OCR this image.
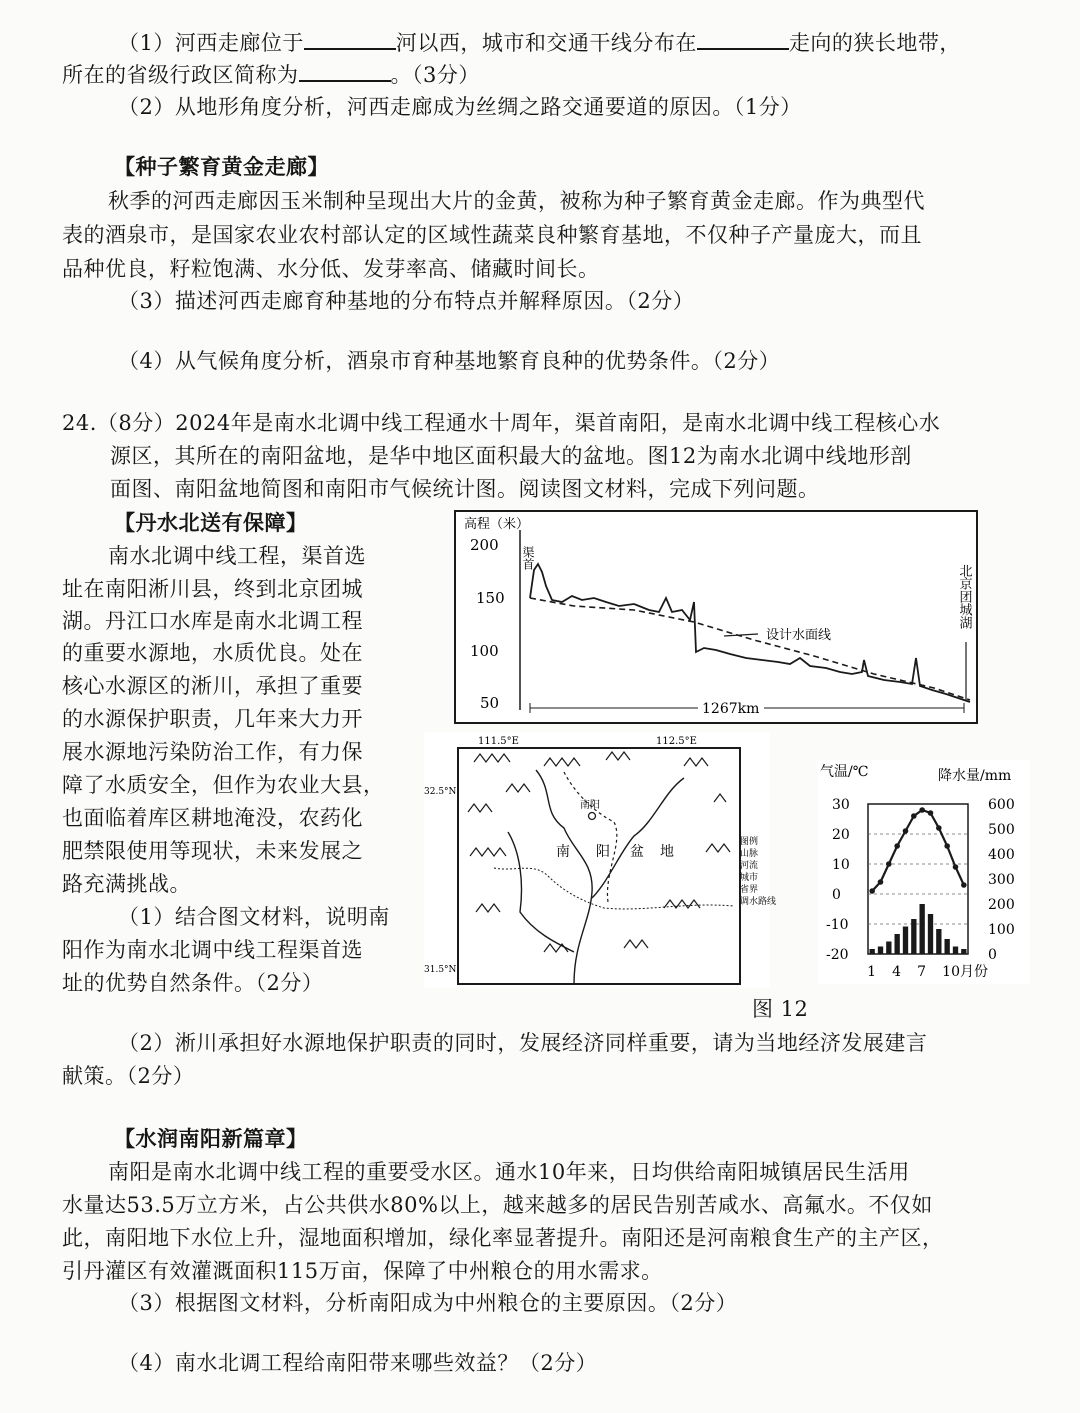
（1）河西走廊位于	河以西，城市和交通干线分布在	走向的狭长地带，
所在的省级行政区简称为	。（3分）
（2）从地形角度分析，河西走廊成为丝绸之路交通要道的原因。（1分）
【种子繁育黄金走廊】
秋季的河西走廊因玉米制种呈现出大片的金黄，被称为种子繁育黄金走廊。作为典型代
表的酒泉市，是国家农业农村部认定的区域性蔬菜良种繁育基地，不仅种子产量庞大，而且
品种优良，籽粒饱满、水分低、发芽率高、储藏时间长。
（3）描述河西走廊育种基地的分布特点并解释原因。（2分）
（4）从气候角度分析，酒泉市育种基地繁育良种的优势条件。（2分）
24.（8分）2024年是南水北调中线工程通水十周年，渠首南阳，是南水北调中线工程核心水
源区，其所在的南阳盆地，是华中地区面积最大的盆地。图12为南水北调中线地形剖
面图、南阳盆地简图和南阳市气候统计图。阅读图文材料，完成下列问题。
【丹水北送有保障】
南水北调中线工程，渠首选
址在南阳淅川县，终到北京团城
湖。丹江口水库是南水北调工程
的重要水源地，水质优良。处在
核心水源区的淅川，承担了重要
的水源保护职责，几年来大力开
展水源地污染防治工作，有力保
障了水质安全，但作为农业大县，
也面临着库区耕地淹没，农药化
肥禁限使用等现状，未来发展之
路充满挑战。
（1）结合图文材料，说明南
阳作为南水北调中线工程渠首选
址的优势自然条件。（2分）
高程（米）
200
150
100
50
渠首
北京团城湖
设计水面线
1267km
111.5°E	112.5°E
32.5°N
31.5°N
南阳
南 阳 盆 地
图例
山脉
河流
城市
省界
调水路线
气温/℃	降水量/mm
30
20
10
0
-10
-20
600
500
400
300
200
100
0
1 4 7 10月份
图 12
（2）淅川承担好水源地保护职责的同时，发展经济同样重要，请为当地经济发展建言
献策。（2分）
【水润南阳新篇章】
南阳是南水北调中线工程的重要受水区。通水10年来，日均供给南阳城镇居民生活用
水量达53.5万立方米，占公共供水80%以上，越来越多的居民告别苦咸水、高氟水。不仅如
此，南阳地下水位上升，湿地面积增加，绿化率显著提升。南阳还是河南粮食生产的主产区，
引丹灌区有效灌溉面积115万亩，保障了中州粮仓的用水需求。
（3）根据图文材料，分析南阳成为中州粮仓的主要原因。（2分）
（4）南水北调工程给南阳带来哪些效益？（2分）
